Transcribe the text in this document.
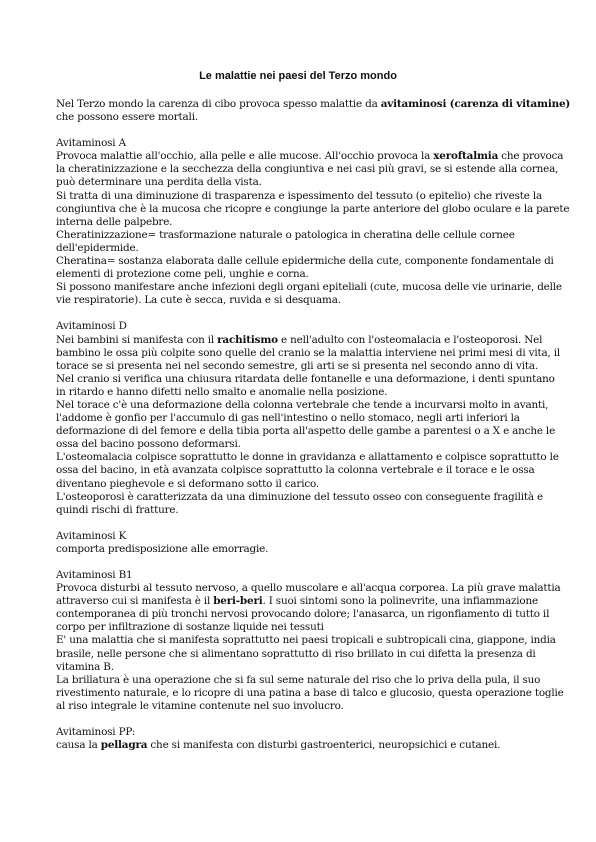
Le malattie nei paesi del Terzo mondo

Nel Terzo mondo la carenza di cibo provoca spesso malattie da avitaminosi (carenza di vitamine)

che possono essere mortali.

Avitaminosi A

Provoca malattie all'occhio, alla pelle e alle mucose. All'occhio provoca la xeroftalmia che provoca

la cheratinizzazione e la secchezza della congiuntiva e nei casi più gravi, se si estende alla cornea,

può determinare una perdita della vista.

Si tratta di una diminuzione di trasparenza e ispessimento del tessuto (o epitelio) che riveste la

congiuntiva che è la mucosa che ricopre e congiunge la parte anteriore del globo oculare e la parete

interna delle palpebre.

Cheratinizzazione= trasformazione naturale o patologica in cheratina delle cellule cornee

dell'epidermide.

Cheratina= sostanza elaborata dalle cellule epidermiche della cute, componente fondamentale di

elementi di protezione come peli, unghie e corna.

Si possono manifestare anche infezioni degli organi epiteliali (cute, mucosa delle vie urinarie, delle

vie respiratorie). La cute è secca, ruvida e si desquama.

Avitaminosi D

Nei bambini si manifesta con il rachitismo e nell'adulto con l'osteomalacia e l'osteoporosi. Nel

bambino le ossa più colpite sono quelle del cranio se la malattia interviene nei primi mesi di vita, il

torace se si presenta nei nel secondo semestre, gli arti se si presenta nel secondo anno di vita.

Nel cranio si verifica una chiusura ritardata delle fontanelle e una deformazione, i denti spuntano

in ritardo e hanno difetti nello smalto e anomalie nella posizione.

Nel torace c'è una deformazione della colonna vertebrale che tende a incurvarsi molto in avanti,

l'addome è gonfio per l'accumulo di gas nell'intestino o nello stomaco, negli arti inferiori la

deformazione di del femore e della tibia porta all'aspetto delle gambe a parentesi o a X e anche le

ossa del bacino possono deformarsi.

L'osteomalacia colpisce soprattutto le donne in gravidanza e allattamento e colpisce soprattutto le

ossa del bacino, in età avanzata colpisce soprattutto la colonna vertebrale e il torace e le ossa

diventano pieghevole e si deformano sotto il carico.

L'osteoporosi è caratterizzata da una diminuzione del tessuto osseo con conseguente fragilità e

quindi rischi di fratture.

Avitaminosi K

comporta predisposizione alle emorragie.

Avitaminosi B1

Provoca disturbi al tessuto nervoso, a quello muscolare e all'acqua corporea. La più grave malattia

attraverso cui si manifesta è il beri-beri. I suoi sintomi sono la polinevrite, una infiammazione

contemporanea di più tronchi nervosi provocando dolore; l'anasarca, un rigonfiamento di tutto il

corpo per infiltrazione di sostanze liquide nei tessuti

E' una malattia che si manifesta soprattutto nei paesi tropicali e subtropicali cina, giappone, india

brasile, nelle persone che si alimentano soprattutto di riso brillato in cui difetta la presenza di

vitamina B.

La brillatura è una operazione che si fa sul seme naturale del riso che lo priva della pula, il suo

rivestimento naturale, e lo ricopre di una patina a base di talco e glucosio, questa operazione toglie

al riso integrale le vitamine contenute nel suo involucro.

Avitaminosi PP:

causa la pellagra che si manifesta con disturbi gastroenterici, neuropsichici e cutanei.
